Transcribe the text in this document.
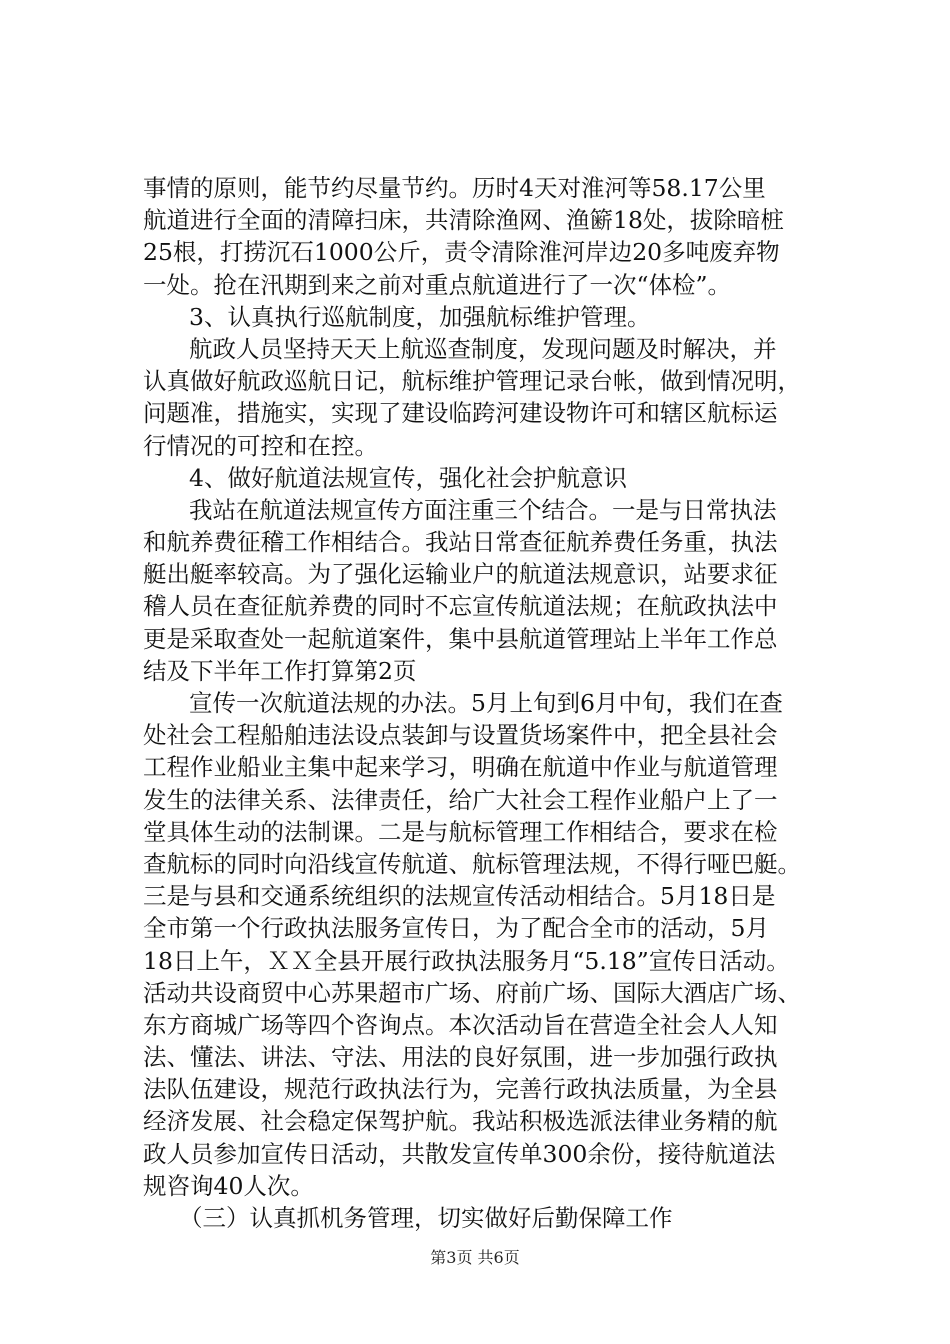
事情的原则，能节约尽量节约。历时4天对淮河等58.17公里
航道进行全面的清障扫床，共清除渔网、渔簖18处，拔除暗桩
25根，打捞沉石1000公斤，责令清除淮河岸边20多吨废弃物
一处。抢在汛期到来之前对重点航道进行了一次“体检”。
3、认真执行巡航制度，加强航标维护管理。
航政人员坚持天天上航巡查制度，发现问题及时解决，并
认真做好航政巡航日记，航标维护管理记录台帐，做到情况明，
问题准，措施实，实现了建设临跨河建设物许可和辖区航标运
行情况的可控和在控。
4、做好航道法规宣传，强化社会护航意识
我站在航道法规宣传方面注重三个结合。一是与日常执法
和航养费征稽工作相结合。我站日常查征航养费任务重，执法
艇出艇率较高。为了强化运输业户的航道法规意识，站要求征
稽人员在查征航养费的同时不忘宣传航道法规；在航政执法中
更是采取查处一起航道案件，集中县航道管理站上半年工作总
结及下半年工作打算第2页
宣传一次航道法规的办法。5月上旬到6月中旬，我们在查
处社会工程船舶违法设点装卸与设置货场案件中，把全县社会
工程作业船业主集中起来学习，明确在航道中作业与航道管理
发生的法律关系、法律责任，给广大社会工程作业船户上了一
堂具体生动的法制课。二是与航标管理工作相结合，要求在检
查航标的同时向沿线宣传航道、航标管理法规，不得行哑巴艇。
三是与县和交通系统组织的法规宣传活动相结合。5月18日是
全市第一个行政执法服务宣传日，为了配合全市的活动，5月
18日上午，ＸＸ全县开展行政执法服务月“5.18”宣传日活动。
活动共设商贸中心苏果超市广场、府前广场、国际大酒店广场、
东方商城广场等四个咨询点。本次活动旨在营造全社会人人知
法、懂法、讲法、守法、用法的良好氛围，进一步加强行政执
法队伍建设，规范行政执法行为，完善行政执法质量，为全县
经济发展、社会稳定保驾护航。我站积极选派法律业务精的航
政人员参加宣传日活动，共散发宣传单300余份，接待航道法
规咨询40人次。
（三）认真抓机务管理，切实做好后勤保障工作
第3页 共6页
